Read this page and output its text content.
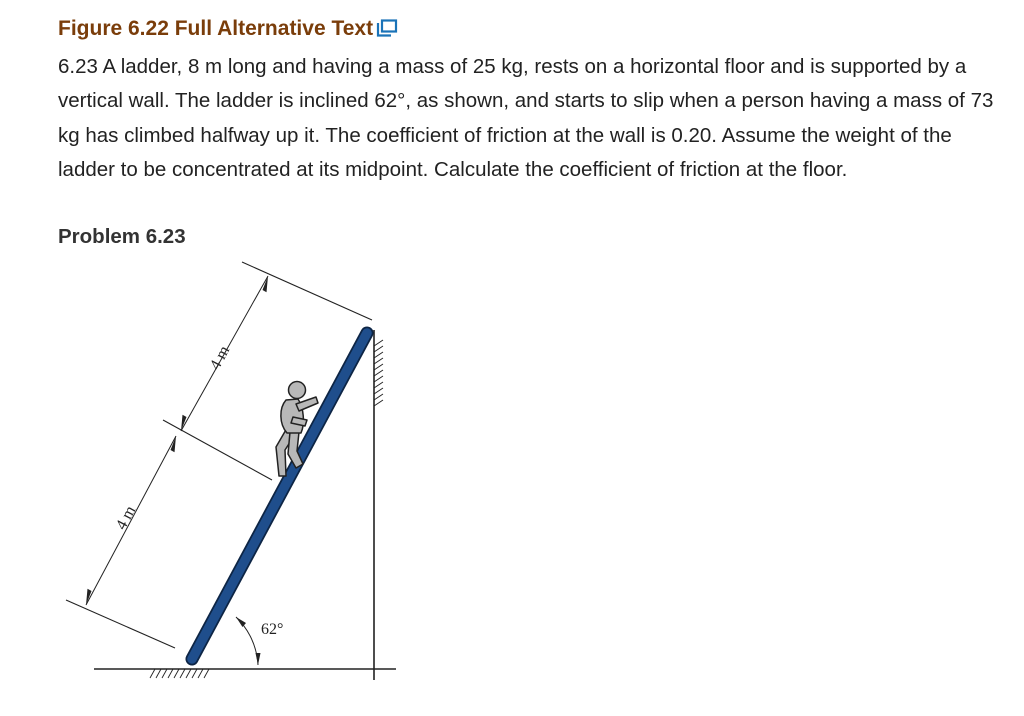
Figure 6.22 Full Alternative Text

6.23 A ladder, 8 m long and having a mass of 25 kg, rests on a horizontal floor and is supported by a vertical wall. The ladder is inclined 62°, as shown, and starts to slip when a person having a mass of 73 kg has climbed halfway up it. The coefficient of friction at the wall is 0.20. Assume the weight of the ladder to be concentrated at its midpoint. Calculate the coefficient of friction at the floor.

Problem 6.23
4 m
4 m
62°
